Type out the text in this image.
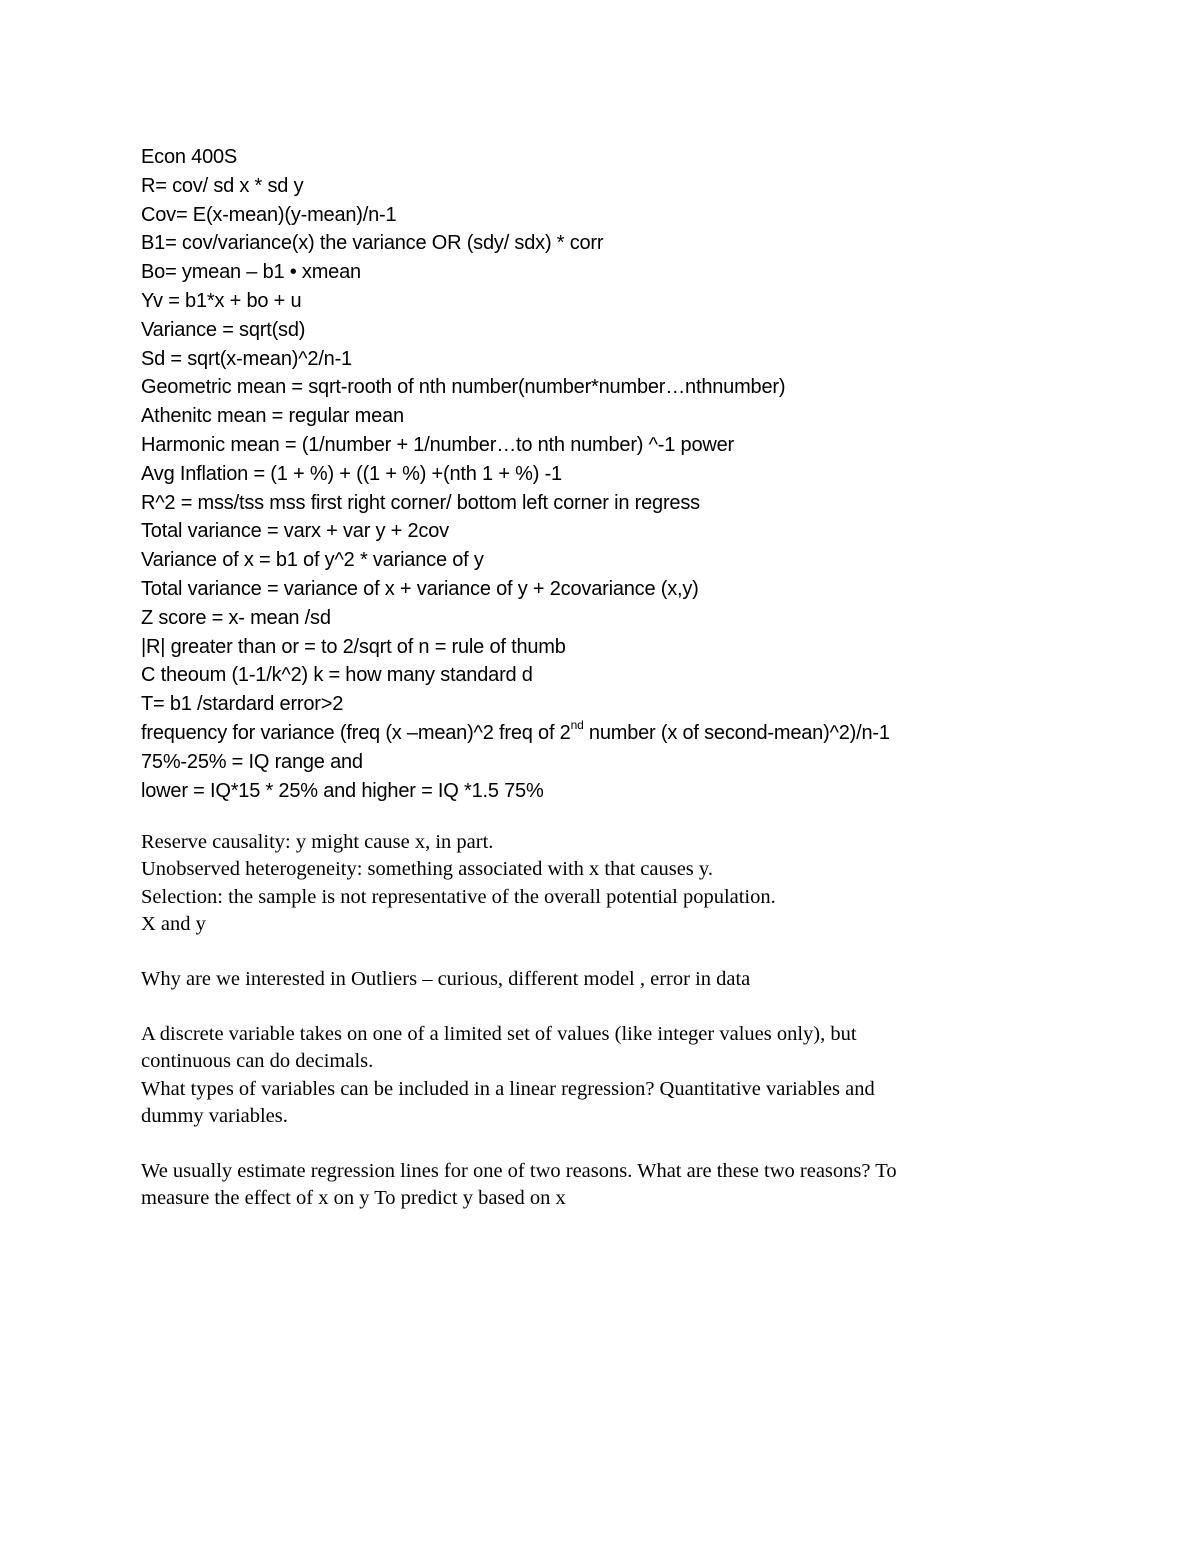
Econ 400S
R= cov/ sd x * sd y
Cov= E(x-mean)(y-mean)/n-1
B1= cov/variance(x) the variance OR (sdy/ sdx) * corr
Bo= ymean – b1 • xmean
Yv = b1*x + bo + u
Variance = sqrt(sd)
Sd = sqrt(x-mean)^2/n-1
Geometric mean = sqrt-rooth of nth number(number*number…nthnumber)
Athenitc mean = regular mean
Harmonic mean = (1/number + 1/number…to nth number) ^-1 power
Avg Inflation = (1 + %) + ((1 + %) +(nth 1 + %) -1
R^2 = mss/tss mss first right corner/ bottom left corner in regress
Total variance = varx + var y + 2cov
Variance of x = b1 of y^2 * variance of y
Total variance = variance of x + variance of y + 2covariance (x,y)
Z score = x- mean /sd
|R| greater than or = to 2/sqrt of n = rule of thumb
C theoum (1-1/k^2) k = how many standard d
T= b1 /stardard error>2
frequency for variance (freq (x –mean)^2 freq of 2nd number (x of second-mean)^2)/n-1
75%-25% = IQ range and
lower = IQ*15 * 25% and higher = IQ *1.5 75%
Reserve causality: y might cause x, in part.
Unobserved heterogeneity: something associated with x that causes y.
Selection: the sample is not representative of the overall potential population.
X and y
Why are we interested in Outliers – curious, different model , error in data
A discrete variable takes on one of a limited set of values (like integer values only), but
continuous can do decimals.
What types of variables can be included in a linear regression? Quantitative variables and
dummy variables.
We usually estimate regression lines for one of two reasons. What are these two reasons? To
measure the effect of x on y To predict y based on x
